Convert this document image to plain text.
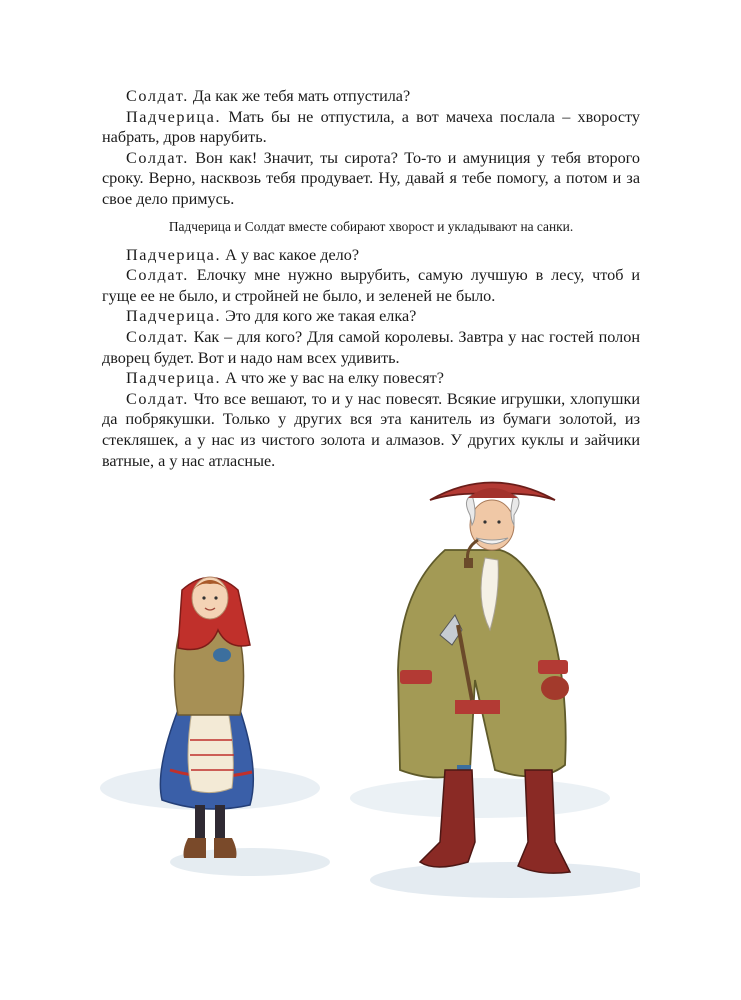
Солдат. Да как же тебя мать отпустила?

Падчерица. Мать бы не отпустила, а вот мачеха послала – хворосту набрать, дров нарубить.

Солдат. Вон как! Значит, ты сирота? То-то и амуниция у тебя второго сроку. Верно, насквозь тебя продувает. Ну, давай я тебе помогу, а потом и за свое дело примусь.

Падчерица и Солдат вместе собирают хворост и укладывают на санки.

Падчерица. А у вас какое дело?

Солдат. Елочку мне нужно вырубить, самую лучшую в лесу, чтоб и гуще ее не было, и стройней не было, и зеленей не было.

Падчерица. Это для кого же такая елка?

Солдат. Как – для кого? Для самой королевы. Завтра у нас гостей полон дворец будет. Вот и надо нам всех удивить.

Падчерица. А что же у вас на елку повесят?

Солдат. Что все вешают, то и у нас повесят. Всякие игрушки, хлопушки да побрякушки. Только у других вся эта канитель из бумаги золотой, из стекляшек, а у нас из чистого золота и алмазов. У других куклы и зайчики ватные, а у нас атласные.
